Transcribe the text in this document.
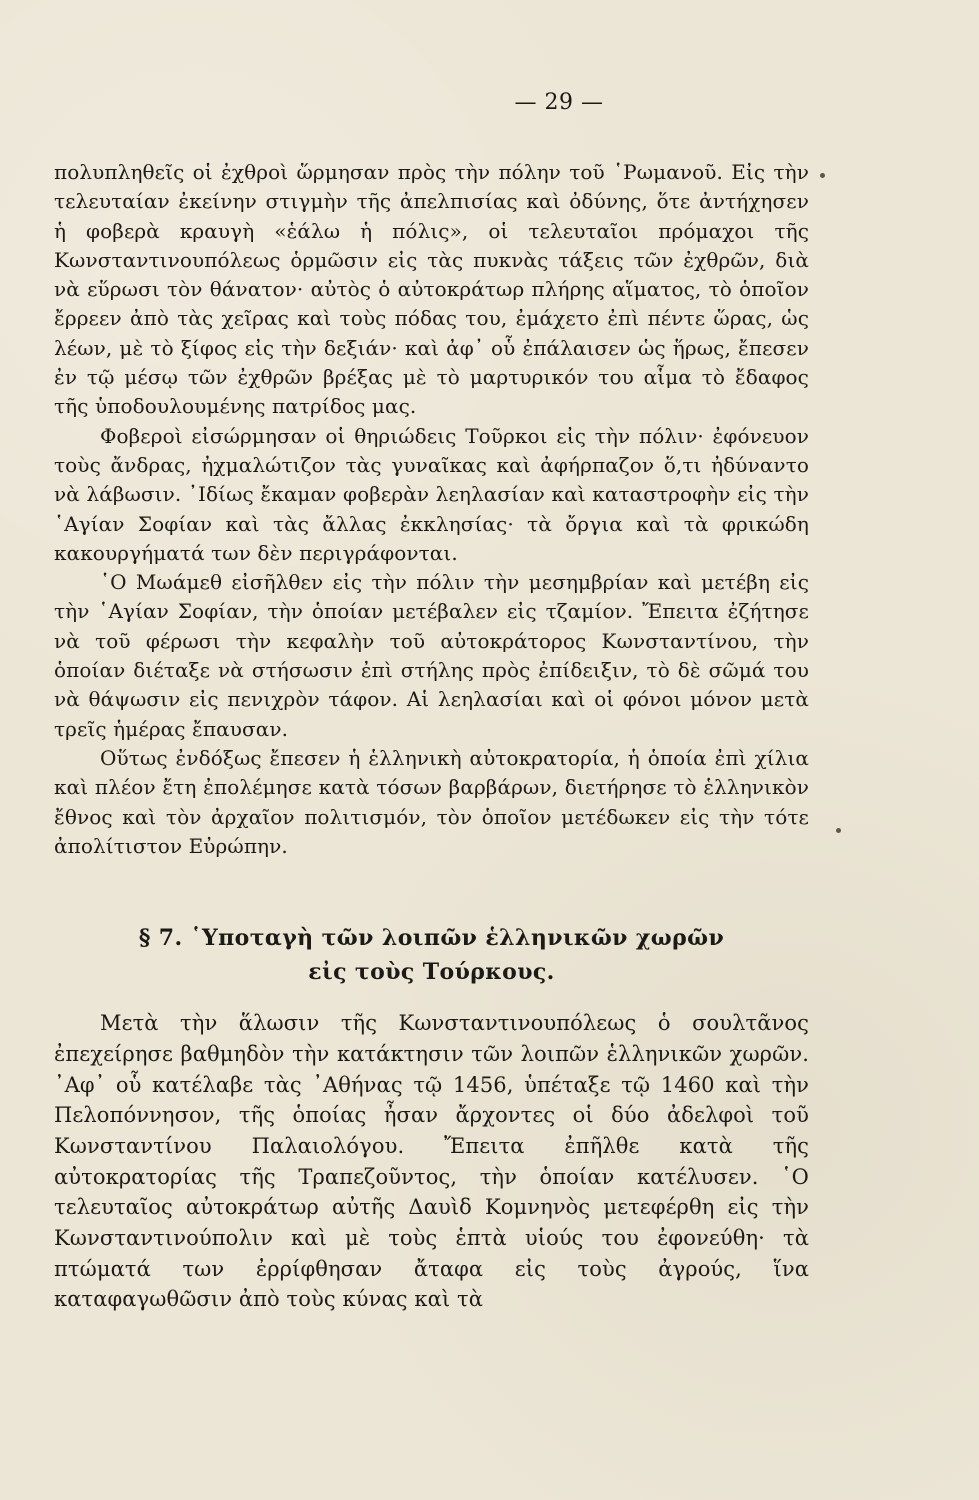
— 29 —

πολυπληθεῖς οἱ ἐχθροὶ ὥρμησαν πρὸς τὴν πόλην τοῦ ῾Ρωμανοῦ. Εἰς τὴν τελευταίαν ἐκείνην στιγμὴν τῆς ἀπελπισίας καὶ ὀδύνης, ὅτε ἀντήχησεν ἡ φοβερὰ κραυγὴ «ἑάλω ἡ πόλις», οἱ τελευταῖοι πρόμαχοι τῆς Κωνσταντινουπόλεως ὁρμῶσιν εἰς τὰς πυκνὰς τάξεις τῶν ἐχθρῶν, διὰ νὰ εὕρωσι τὸν θάνατον· αὐτὸς ὁ αὐτοκράτωρ πλήρης αἵματος, τὸ ὁποῖον ἔρρεεν ἀπὸ τὰς χεῖρας καὶ τοὺς πόδας του, ἐμάχετο ἐπὶ πέντε ὥρας, ὡς λέων, μὲ τὸ ξίφος εἰς τὴν δεξιάν· καὶ ἀφ᾿ οὗ ἐπάλαισεν ὡς ἥρως, ἔπεσεν ἐν τῷ μέσῳ τῶν ἐχθρῶν βρέξας μὲ τὸ μαρτυρικόν του αἷμα τὸ ἔδαφος τῆς ὑποδουλουμένης πατρίδος μας.

Φοβεροὶ εἰσώρμησαν οἱ θηριώδεις Τοῦρκοι εἰς τὴν πόλιν· ἐφόνευον τοὺς ἄνδρας, ἠχμαλώτιζον τὰς γυναῖκας καὶ ἀφήρπαζον ὅ,τι ἠδύναντο νὰ λάβωσιν. ᾿Ιδίως ἔκαμαν φοβερὰν λεηλασίαν καὶ καταστροφὴν εἰς τὴν ῾Αγίαν Σοφίαν καὶ τὰς ἄλλας ἐκκλησίας· τὰ ὄργια καὶ τὰ φρικώδη κακουργήματά των δὲν περιγράφονται.

῾Ο Μωάμεθ εἰσῆλθεν εἰς τὴν πόλιν τὴν μεσημβρίαν καὶ μετέβη εἰς τὴν ῾Αγίαν Σοφίαν, τὴν ὁποίαν μετέβαλεν εἰς τζαμίον. Ἔπειτα ἐζήτησε νὰ τοῦ φέρωσι τὴν κεφαλὴν τοῦ αὐτοκράτορος Κωνσταντίνου, τὴν ὁποίαν διέταξε νὰ στήσωσιν ἐπὶ στήλης πρὸς ἐπίδειξιν, τὸ δὲ σῶμά του νὰ θάψωσιν εἰς πενιχρὸν τάφον. Αἱ λεηλασίαι καὶ οἱ φόνοι μόνον μετὰ τρεῖς ἡμέρας ἔπαυσαν.

Οὕτως ἐνδόξως ἔπεσεν ἡ ἑλληνικὴ αὐτοκρατορία, ἡ ὁποία ἐπὶ χίλια καὶ πλέον ἔτη ἐπολέμησε κατὰ τόσων βαρβάρων, διετήρησε τὸ ἑλληνικὸν ἔθνος καὶ τὸν ἀρχαῖον πολιτισμόν, τὸν ὁποῖον μετέδωκεν εἰς τὴν τότε ἀπολίτιστον Εὐρώπην.

§ 7. ῾Υποταγὴ τῶν λοιπῶν ἑλληνικῶν χωρῶν
εἰς τοὺς Τούρκους.

Μετὰ τὴν ἅλωσιν τῆς Κωνσταντινουπόλεως ὁ σουλτᾶνος ἐπεχείρησε βαθμηδὸν τὴν κατάκτησιν τῶν λοιπῶν ἑλληνικῶν χωρῶν. ᾿Αφ᾿ οὗ κατέλαβε τὰς ᾿Αθήνας τῷ 1456, ὑπέταξε τῷ 1460 καὶ τὴν Πελοπόννησον, τῆς ὁποίας ἦσαν ἄρχοντες οἱ δύο ἀδελφοὶ τοῦ Κωνσταντίνου Παλαιολόγου. Ἔπειτα ἐπῆλθε κατὰ τῆς αὐτοκρατορίας τῆς Τραπεζοῦντος, τὴν ὁποίαν κατέλυσεν. ῾Ο τελευταῖος αὐτοκράτωρ αὐτῆς Δαυὶδ Κομνηνὸς μετεφέρθη εἰς τὴν Κωνσταντινούπολιν καὶ μὲ τοὺς ἑπτὰ υἱούς του ἐφονεύθη· τὰ πτώματά των ἐρρίφθησαν ἄταφα εἰς τοὺς ἀγρούς, ἵνα καταφαγωθῶσιν ἀπὸ τοὺς κύνας καὶ τὰ
